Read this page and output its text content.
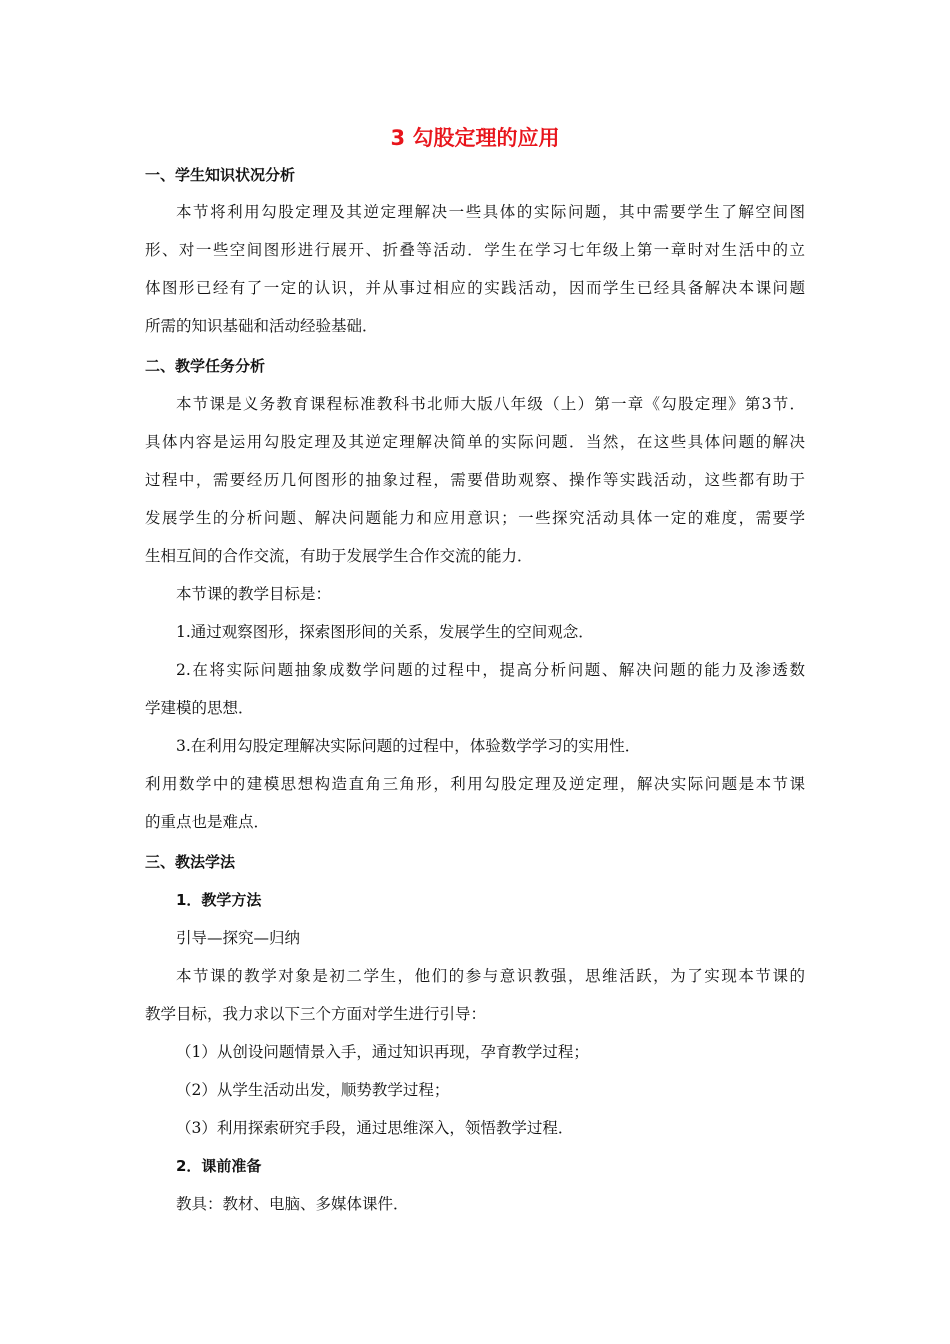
3 勾股定理的应用
一、学生知识状况分析
本节将利用勾股定理及其逆定理解决一些具体的实际问题，其中需要学生了解空间图
形、对一些空间图形进行展开、折叠等活动．学生在学习七年级上第一章时对生活中的立
体图形已经有了一定的认识，并从事过相应的实践活动，因而学生已经具备解决本课问题
所需的知识基础和活动经验基础．
二、教学任务分析
本节课是义务教育课程标准教科书北师大版八年级（上）第一章《勾股定理》第3节．
具体内容是运用勾股定理及其逆定理解决简单的实际问题．当然，在这些具体问题的解决
过程中，需要经历几何图形的抽象过程，需要借助观察、操作等实践活动，这些都有助于
发展学生的分析问题、解决问题能力和应用意识；一些探究活动具体一定的难度，需要学
生相互间的合作交流，有助于发展学生合作交流的能力．
本节课的教学目标是：
1.通过观察图形，探索图形间的关系，发展学生的空间观念．
2.在将实际问题抽象成数学问题的过程中，提高分析问题、解决问题的能力及渗透数
学建模的思想．
3.在利用勾股定理解决实际问题的过程中，体验数学学习的实用性．
利用数学中的建模思想构造直角三角形，利用勾股定理及逆定理，解决实际问题是本节课
的重点也是难点．
三、教法学法
1．教学方法
引导—探究—归纳
本节课的教学对象是初二学生，他们的参与意识教强，思维活跃，为了实现本节课的
教学目标，我力求以下三个方面对学生进行引导：
（1）从创设问题情景入手，通过知识再现，孕育教学过程；
（2）从学生活动出发，顺势教学过程；
（3）利用探索研究手段，通过思维深入，领悟教学过程．
2．课前准备
教具：教材、电脑、多媒体课件．
